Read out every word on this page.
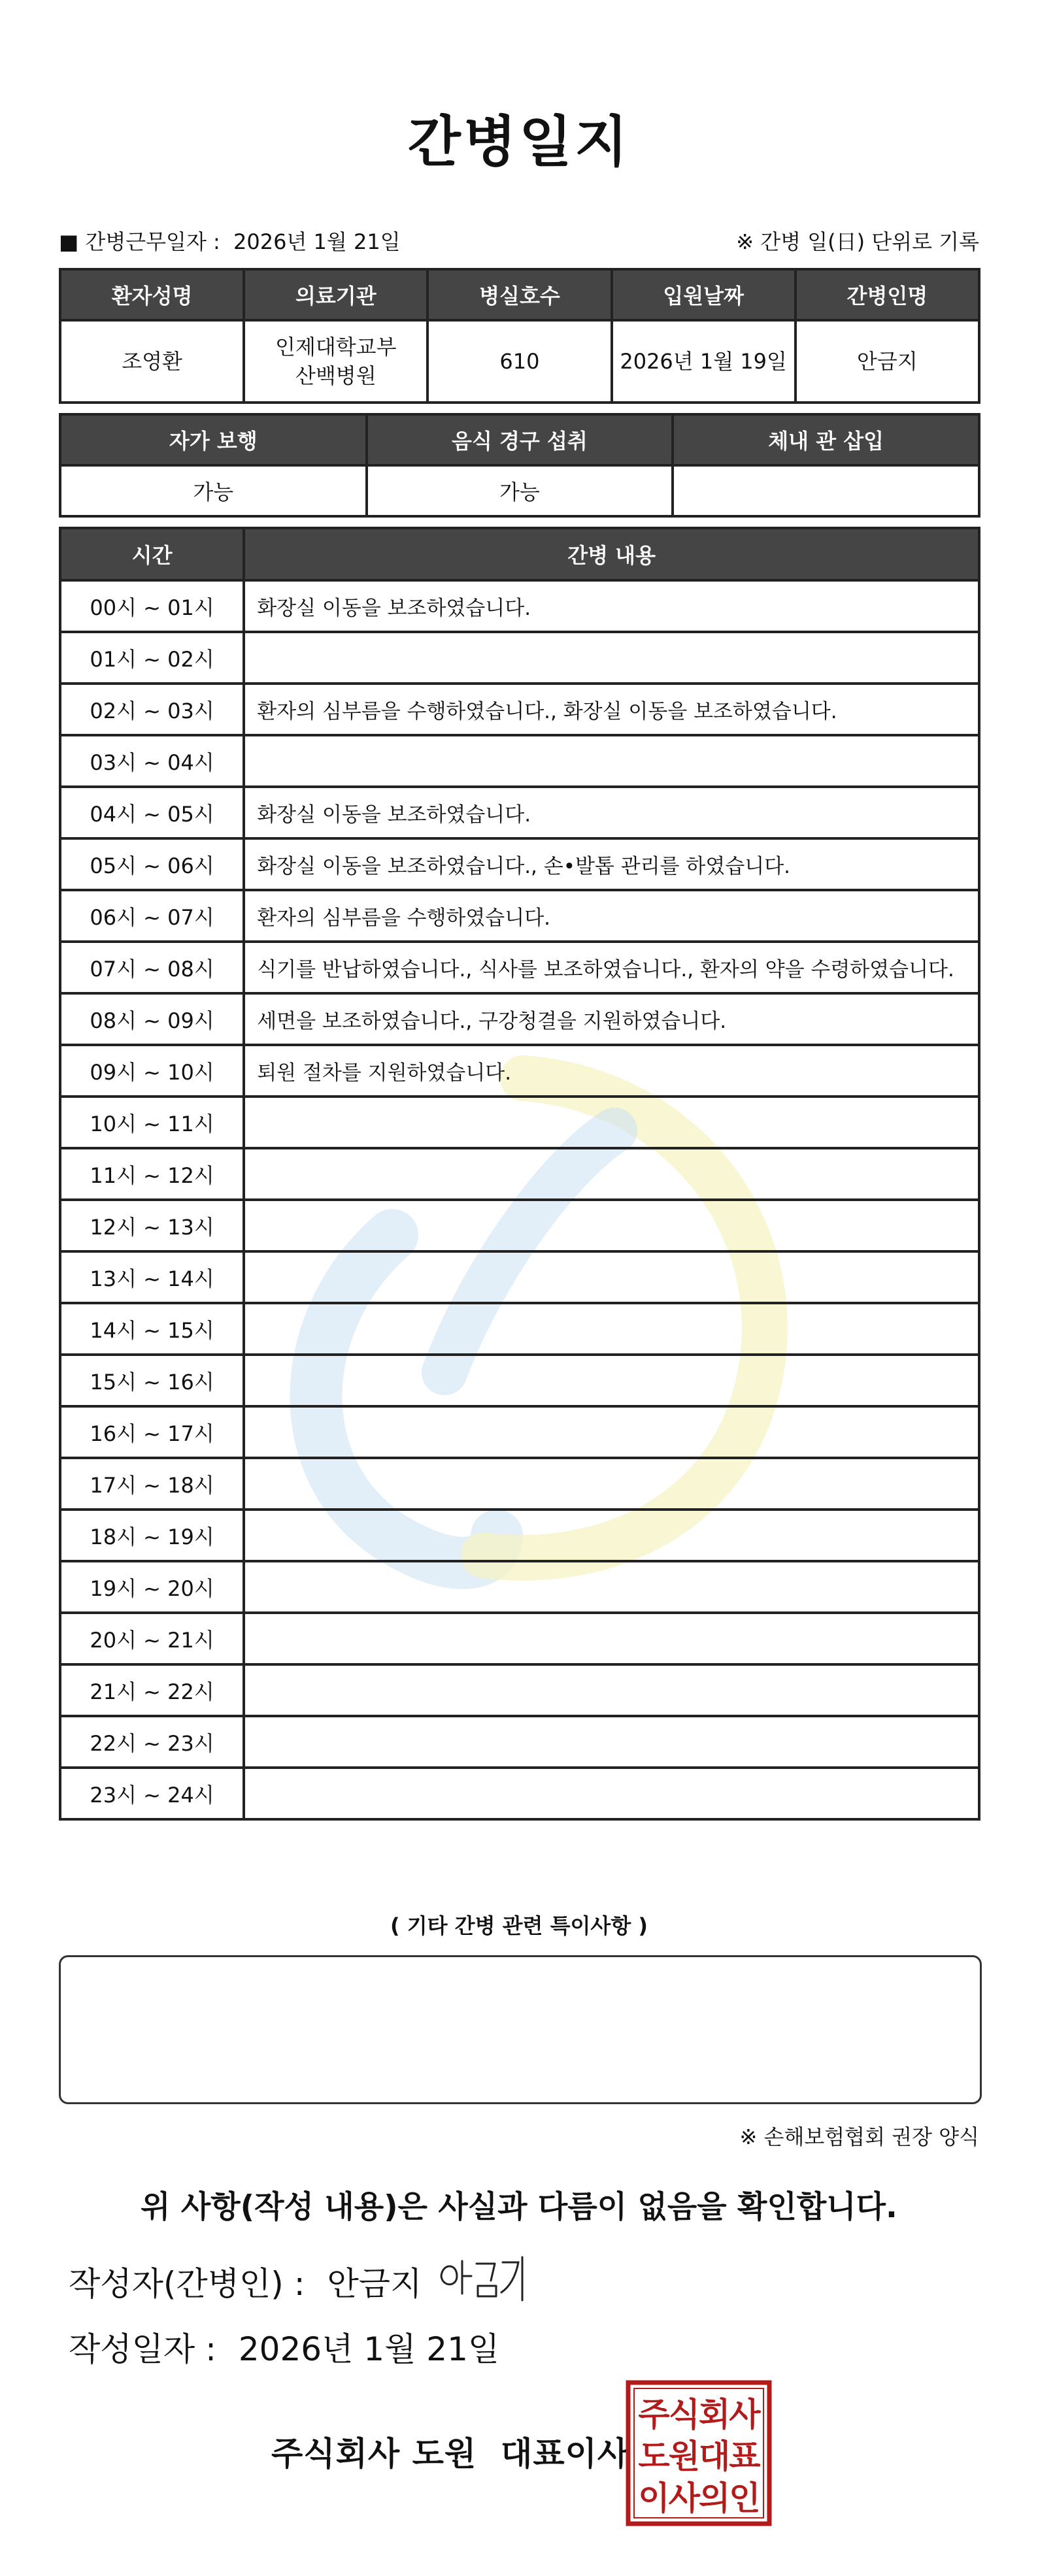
간병일지
■ 간병근무일자 : 2026년 1월 21일	※ 간병 일(日) 단위로 기록
환자성명	의료기관	병실호수	입원날짜	간병인명
조영환	인제대학교부산백병원	610	2026년 1월 19일	안금지
자가 보행	음식 경구 섭취	체내 관 삽입
가능	가능	
시간	간병 내용
00시 ~ 01시	화장실 이동을 보조하였습니다.
01시 ~ 02시	
02시 ~ 03시	환자의 심부름을 수행하였습니다., 화장실 이동을 보조하였습니다.
03시 ~ 04시	
04시 ~ 05시	화장실 이동을 보조하였습니다.
05시 ~ 06시	화장실 이동을 보조하였습니다., 손•발톱 관리를 하였습니다.
06시 ~ 07시	환자의 심부름을 수행하였습니다.
07시 ~ 08시	식기를 반납하였습니다., 식사를 보조하였습니다., 환자의 약을 수령하였습니다.
08시 ~ 09시	세면을 보조하였습니다., 구강청결을 지원하였습니다.
09시 ~ 10시	퇴원 절차를 지원하였습니다.
10시 ~ 11시	
11시 ~ 12시	
12시 ~ 13시	
13시 ~ 14시	
14시 ~ 15시	
15시 ~ 16시	
16시 ~ 17시	
17시 ~ 18시	
18시 ~ 19시	
19시 ~ 20시	
20시 ~ 21시	
21시 ~ 22시	
22시 ~ 23시	
23시 ~ 24시	
( 기타 간병 관련 특이사항 )
※ 손해보험협회 권장 양식
위 사항(작성 내용)은 사실과 다름이 없음을 확인합니다.
작성자(간병인) : 안금지
작성일자 : 2026년 1월 21일
주식회사 도원  대표이사
주식회사
도원대표
이사의인
